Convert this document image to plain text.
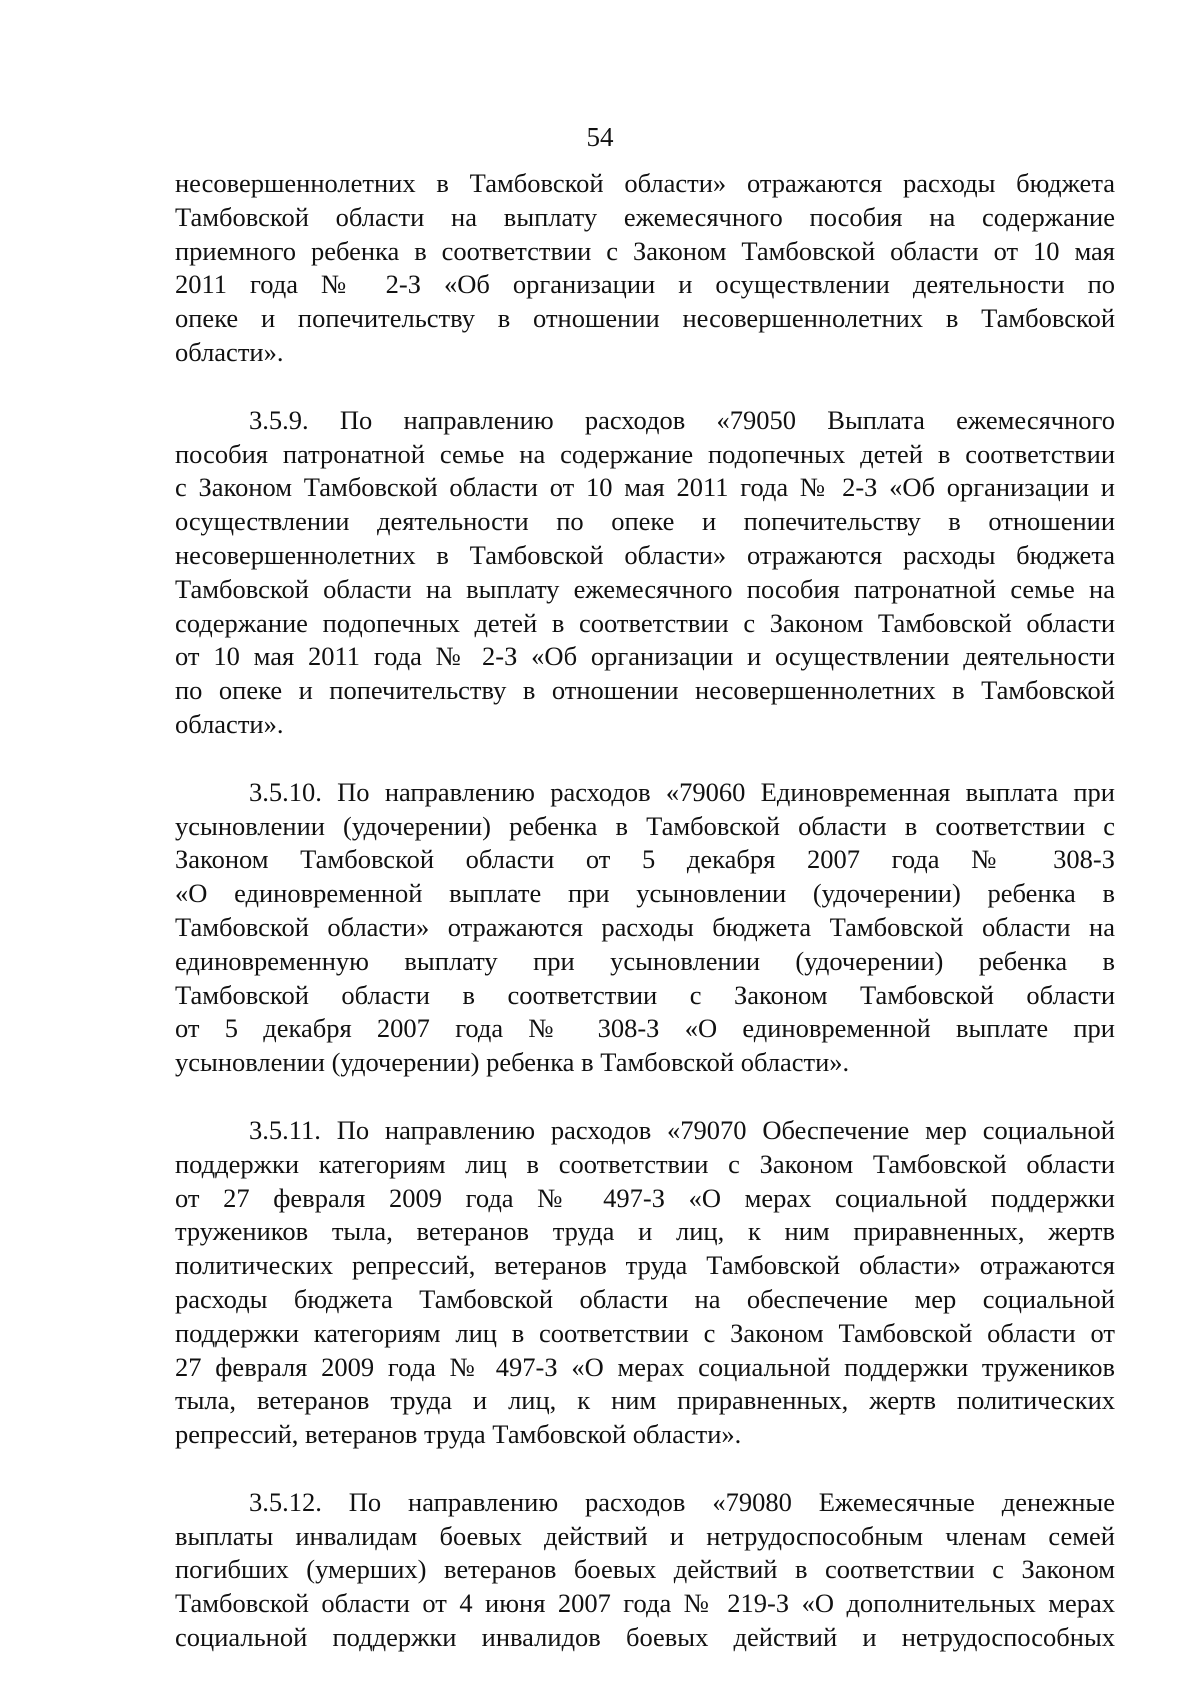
54
несовершеннолетних в Тамбовской области» отражаются расходы бюджета
Тамбовской области на выплату ежемесячного пособия на содержание
приемного ребенка в соответствии с Законом Тамбовской области от 10 мая
2011 года № 2-З «Об организации и осуществлении деятельности по
опеке и попечительству в отношении несовершеннолетних в Тамбовской
области».
3.5.9. По направлению расходов «79050 Выплата ежемесячного
пособия патронатной семье на содержание подопечных детей в соответствии
с Законом Тамбовской области от 10 мая 2011 года № 2-З «Об организации и
осуществлении деятельности по опеке и попечительству в отношении
несовершеннолетних в Тамбовской области» отражаются расходы бюджета
Тамбовской области на выплату ежемесячного пособия патронатной семье на
содержание подопечных детей в соответствии с Законом Тамбовской области
от 10 мая 2011 года № 2-З «Об организации и осуществлении деятельности
по опеке и попечительству в отношении несовершеннолетних в Тамбовской
области».
3.5.10. По направлению расходов «79060 Единовременная выплата при
усыновлении (удочерении) ребенка в Тамбовской области в соответствии с
Законом Тамбовской области от 5 декабря 2007 года № 308-З
«О единовременной выплате при усыновлении (удочерении) ребенка в
Тамбовской области» отражаются расходы бюджета Тамбовской области на
единовременную выплату при усыновлении (удочерении) ребенка в
Тамбовской области в соответствии с Законом Тамбовской области
от 5 декабря 2007 года № 308-З «О единовременной выплате при
усыновлении (удочерении) ребенка в Тамбовской области».
3.5.11. По направлению расходов «79070 Обеспечение мер социальной
поддержки категориям лиц в соответствии с Законом Тамбовской области
от 27 февраля 2009 года № 497-З «О мерах социальной поддержки
тружеников тыла, ветеранов труда и лиц, к ним приравненных, жертв
политических репрессий, ветеранов труда Тамбовской области» отражаются
расходы бюджета Тамбовской области на обеспечение мер социальной
поддержки категориям лиц в соответствии с Законом Тамбовской области от
27 февраля 2009 года № 497-З «О мерах социальной поддержки тружеников
тыла, ветеранов труда и лиц, к ним приравненных, жертв политических
репрессий, ветеранов труда Тамбовской области».
3.5.12. По направлению расходов «79080 Ежемесячные денежные
выплаты инвалидам боевых действий и нетрудоспособным членам семей
погибших (умерших) ветеранов боевых действий в соответствии с Законом
Тамбовской области от 4 июня 2007 года № 219-З «О дополнительных мерах
социальной поддержки инвалидов боевых действий и нетрудоспособных
